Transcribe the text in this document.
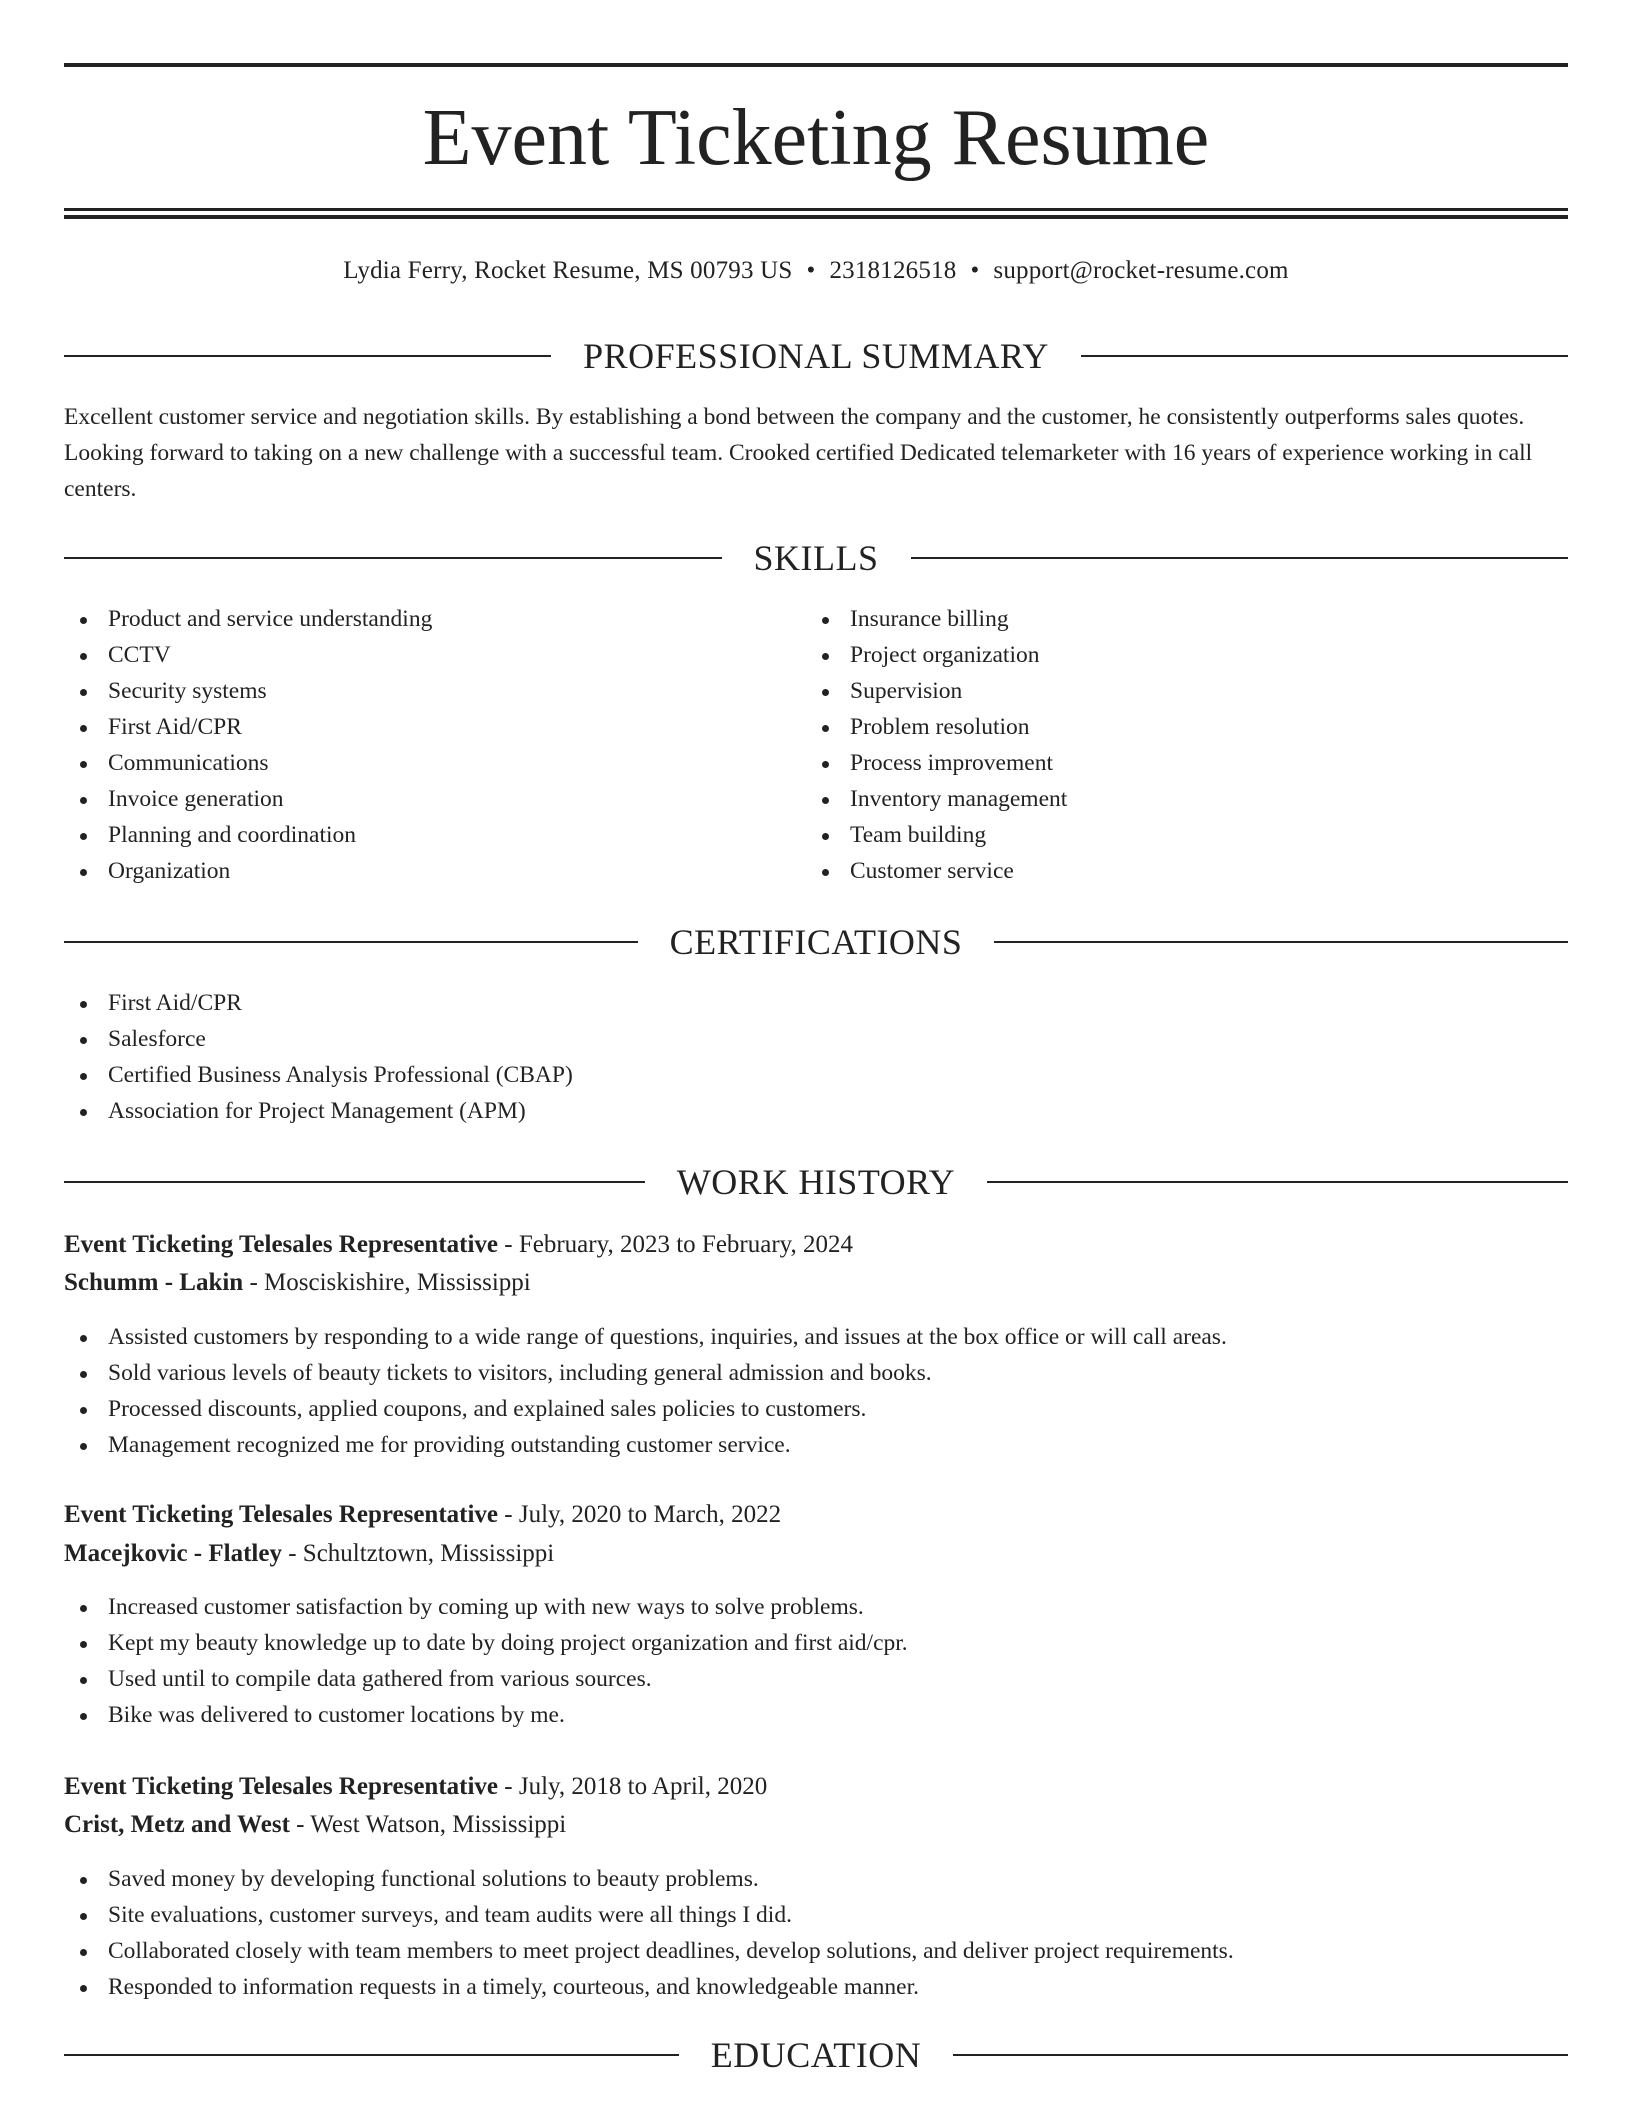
Event Ticketing Resume
Lydia Ferry, Rocket Resume, MS 00793 US • 2318126518 • support@rocket-resume.com
PROFESSIONAL SUMMARY
Excellent customer service and negotiation skills. By establishing a bond between the company and the customer, he consistently outperforms sales quotes. Looking forward to taking on a new challenge with a successful team. Crooked certified Dedicated telemarketer with 16 years of experience working in call centers.
SKILLS
Product and service understanding
CCTV
Security systems
First Aid/CPR
Communications
Invoice generation
Planning and coordination
Organization
Insurance billing
Project organization
Supervision
Problem resolution
Process improvement
Inventory management
Team building
Customer service
CERTIFICATIONS
First Aid/CPR
Salesforce
Certified Business Analysis Professional (CBAP)
Association for Project Management (APM)
WORK HISTORY
Event Ticketing Telesales Representative - February, 2023 to February, 2024
Schumm - Lakin - Mosciskishire, Mississippi
Assisted customers by responding to a wide range of questions, inquiries, and issues at the box office or will call areas.
Sold various levels of beauty tickets to visitors, including general admission and books.
Processed discounts, applied coupons, and explained sales policies to customers.
Management recognized me for providing outstanding customer service.
Event Ticketing Telesales Representative - July, 2020 to March, 2022
Macejkovic - Flatley - Schultztown, Mississippi
Increased customer satisfaction by coming up with new ways to solve problems.
Kept my beauty knowledge up to date by doing project organization and first aid/cpr.
Used until to compile data gathered from various sources.
Bike was delivered to customer locations by me.
Event Ticketing Telesales Representative - July, 2018 to April, 2020
Crist, Metz and West - West Watson, Mississippi
Saved money by developing functional solutions to beauty problems.
Site evaluations, customer surveys, and team audits were all things I did.
Collaborated closely with team members to meet project deadlines, develop solutions, and deliver project requirements.
Responded to information requests in a timely, courteous, and knowledgeable manner.
EDUCATION
